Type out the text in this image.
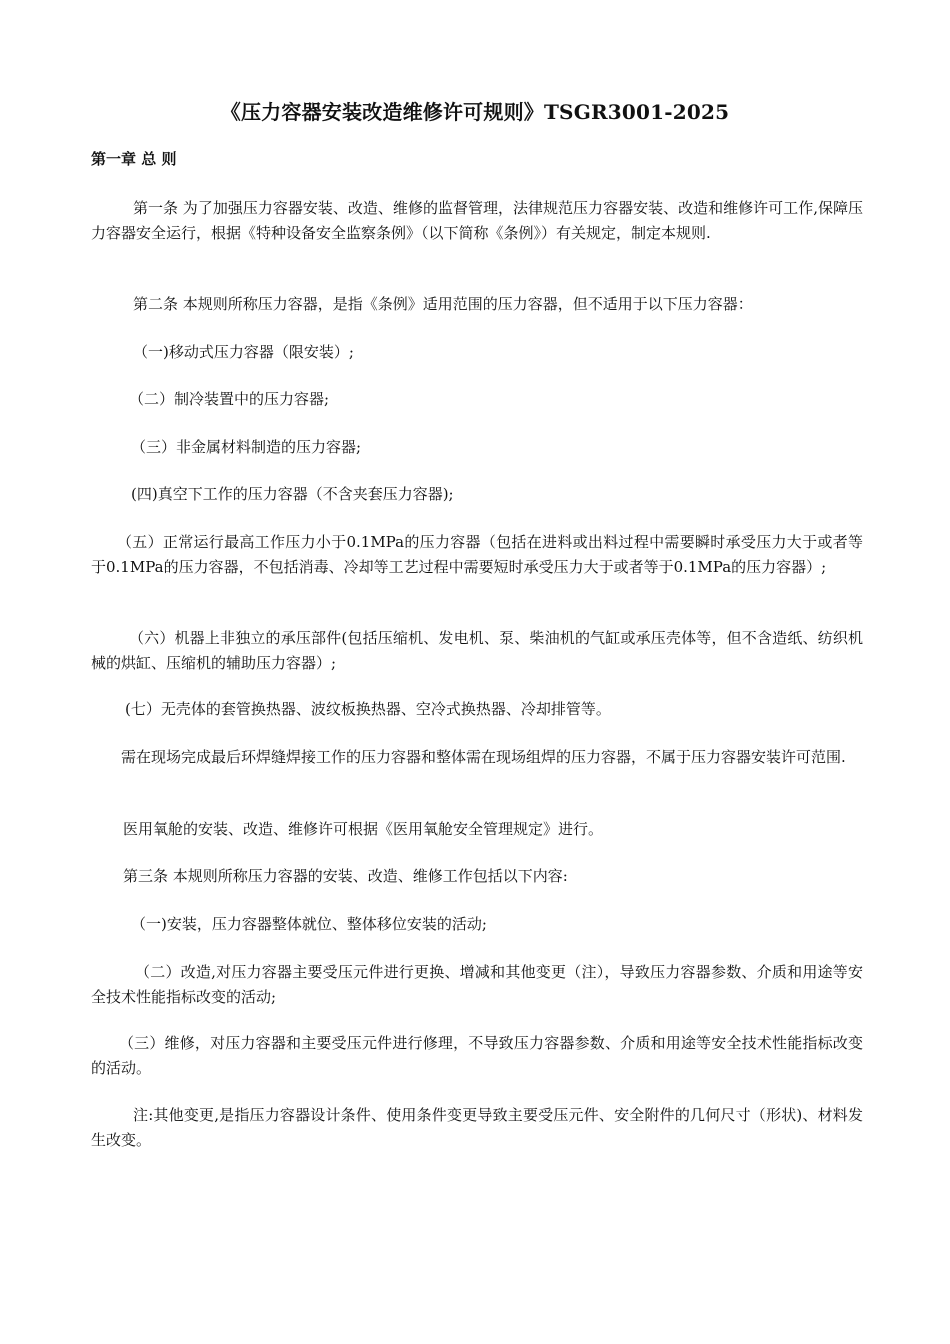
《压力容器安装改造维修许可规则》TSGR3001-2025
第一章 总 则

第一条 为了加强压力容器安装、改造、维修的监督管理，法律规范压力容器安装、改造和维修许可工作,保障压力容器安全运行，根据《特种设备安全监察条例》（以下简称《条例》）有关规定，制定本规则.

第二条 本规则所称压力容器，是指《条例》适用范围的压力容器，但不适用于以下压力容器：

（一)移动式压力容器（限安装）;

（二）制冷装置中的压力容器;

（三）非金属材料制造的压力容器;

(四)真空下工作的压力容器（不含夹套压力容器);

（五）正常运行最高工作压力小于0.1MPa的压力容器（包括在进料或出料过程中需要瞬时承受压力大于或者等于0.1MPa的压力容器，不包括消毒、冷却等工艺过程中需要短时承受压力大于或者等于0.1MPa的压力容器）;

（六）机器上非独立的承压部件(包括压缩机、发电机、泵、柴油机的气缸或承压壳体等，但不含造纸、纺织机械的烘缸、压缩机的辅助压力容器）;

(七）无壳体的套管换热器、波纹板换热器、空冷式换热器、冷却排管等。

需在现场完成最后环焊缝焊接工作的压力容器和整体需在现场组焊的压力容器，不属于压力容器安装许可范围.

医用氧舱的安装、改造、维修许可根据《医用氧舱安全管理规定》进行。

第三条 本规则所称压力容器的安装、改造、维修工作包括以下内容:

（一)安装，压力容器整体就位、整体移位安装的活动;

（二）改造,对压力容器主要受压元件进行更换、增减和其他变更（注），导致压力容器参数、介质和用途等安全技术性能指标改变的活动;

（三）维修，对压力容器和主要受压元件进行修理，不导致压力容器参数、介质和用途等安全技术性能指标改变的活动。

注:其他变更,是指压力容器设计条件、使用条件变更导致主要受压元件、安全附件的几何尺寸（形状)、材料发生改变。
